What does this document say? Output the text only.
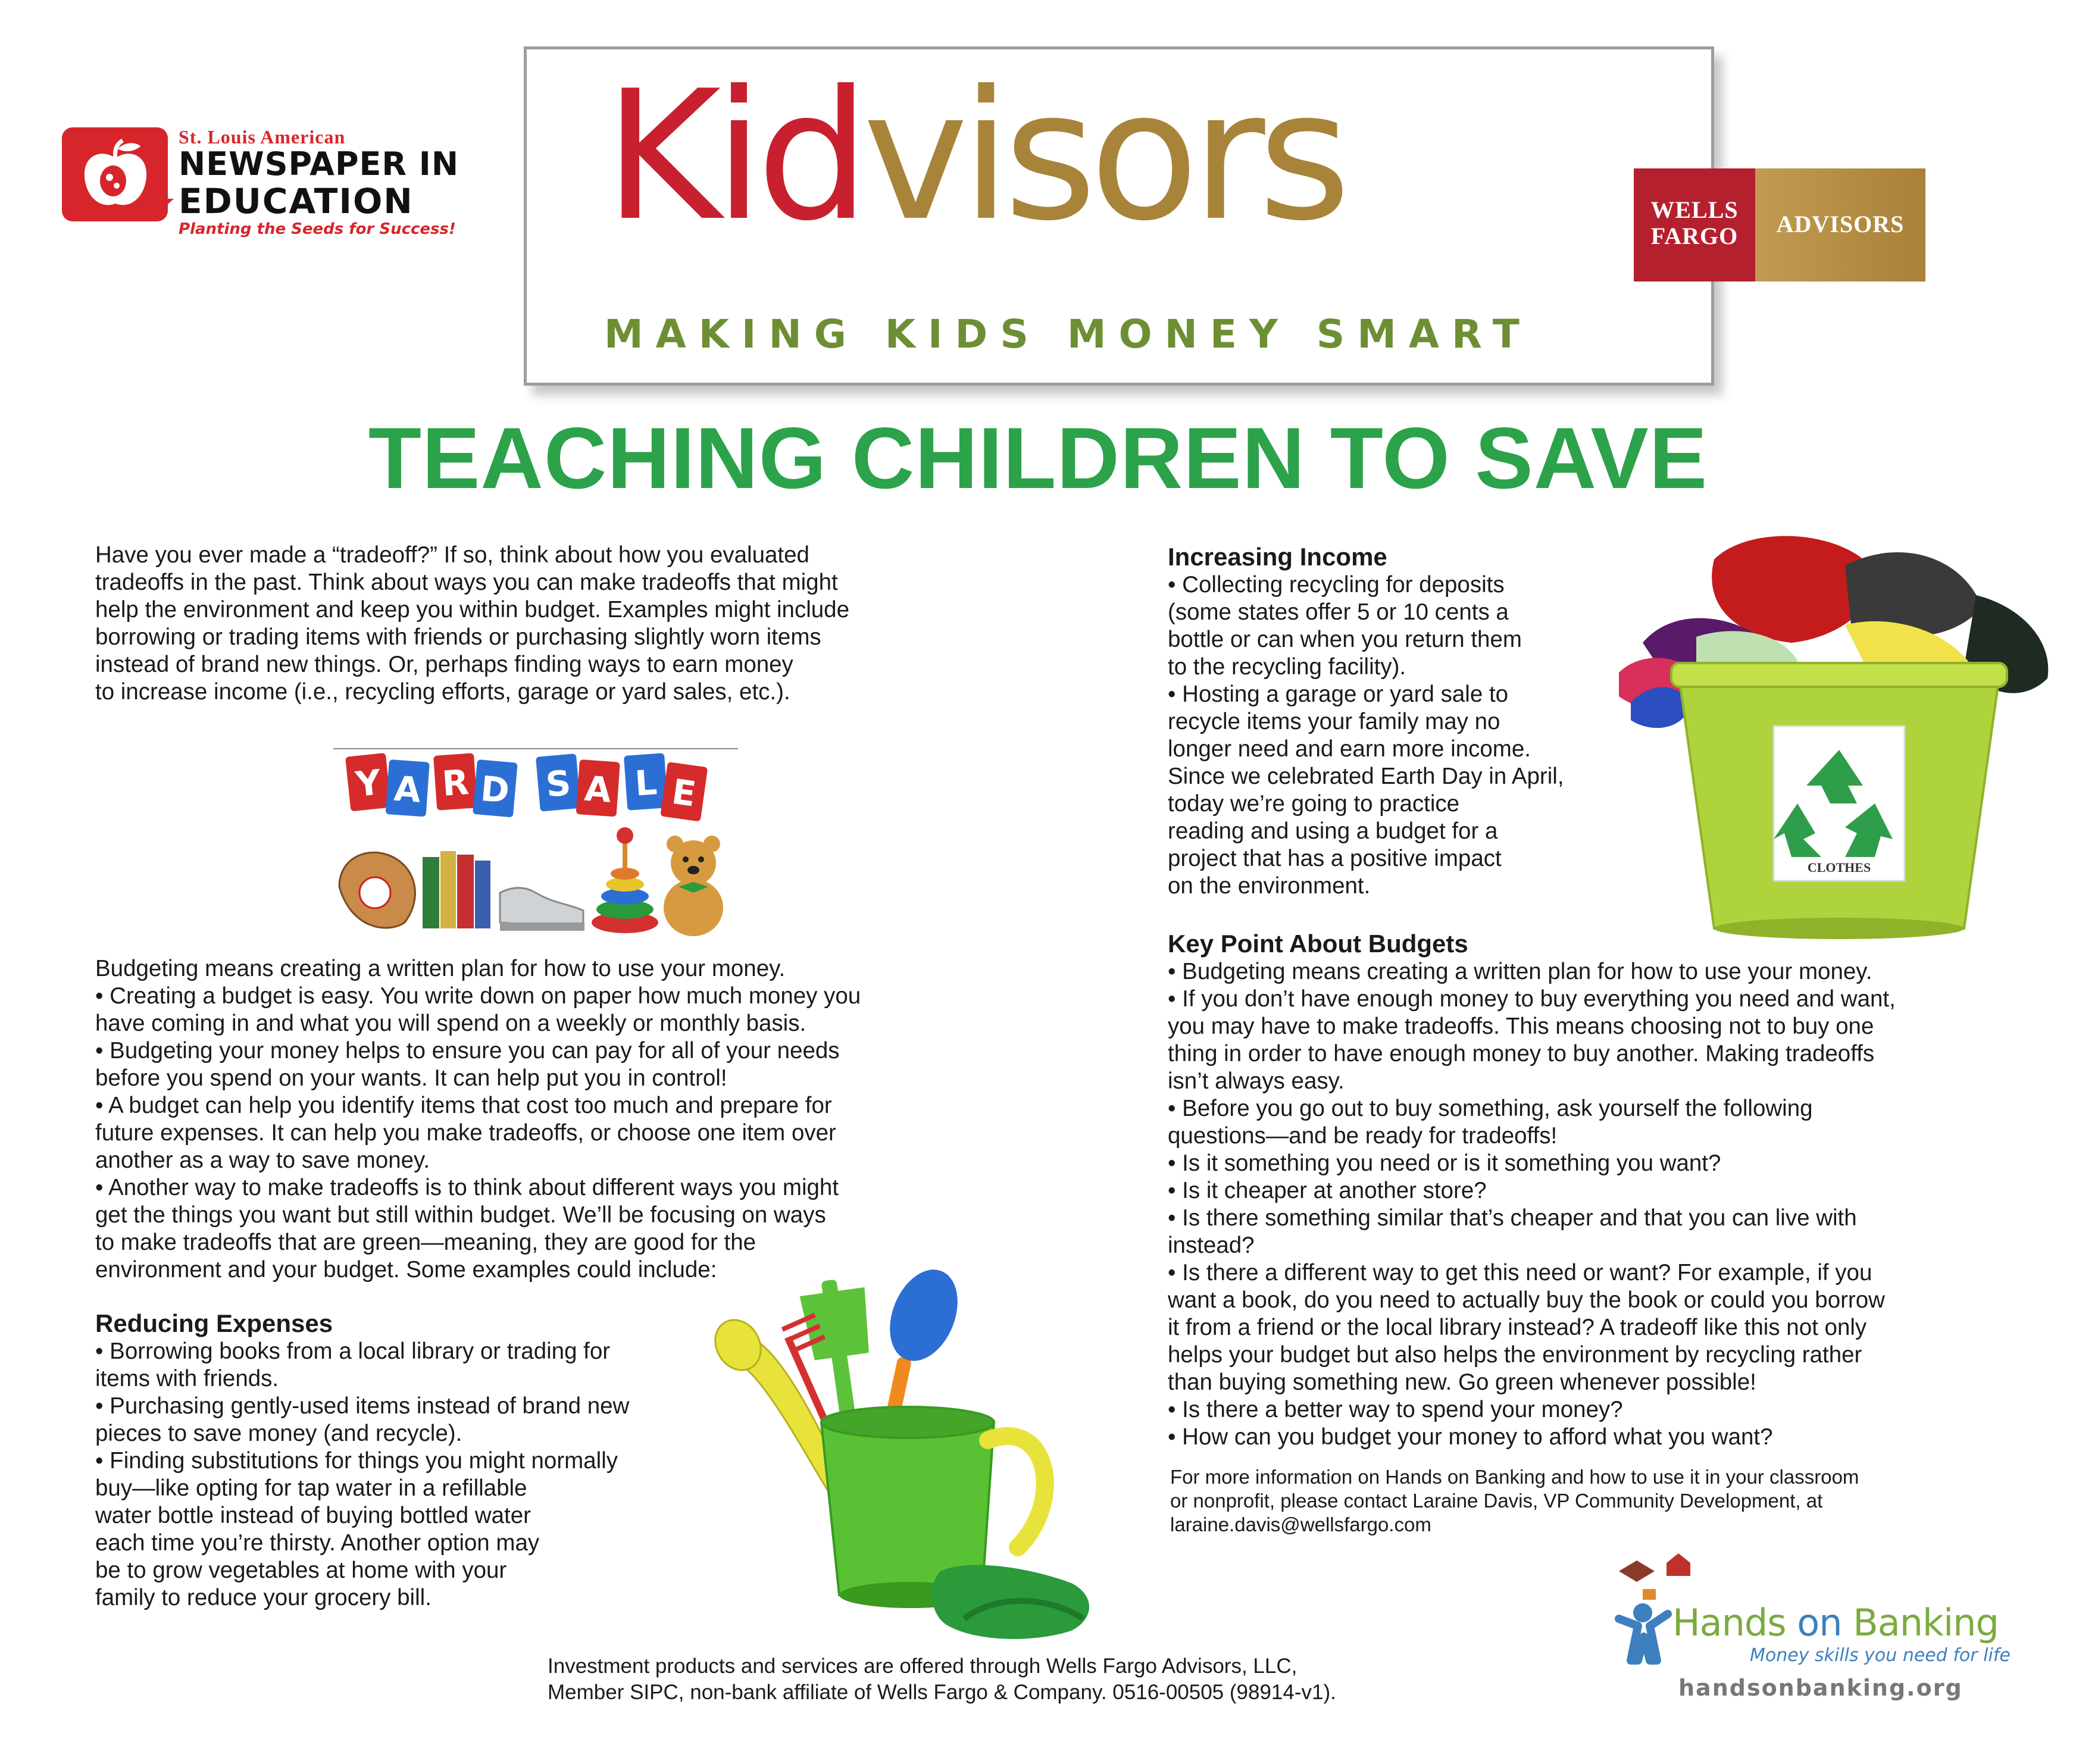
St. Louis American
NEWSPAPER IN
EDUCATION
Planting the Seeds for Success! Kidvisors
MAKING KIDS MONEY SMART
WELLS
FARGO	ADVISORS
TEACHING CHILDREN TO SAVE
Have you ever made a “tradeoff?” If so, think about how you evaluated
tradeoffs in the past. Think about ways you can make tradeoffs that might
help the environment and keep you within budget. Examples might include
borrowing or trading items with friends or purchasing slightly worn items
instead of brand new things. Or, perhaps finding ways to earn money
to increase income (i.e., recycling efforts, garage or yard sales, etc.).
Y A R D S A L E
Budgeting means creating a written plan for how to use your money.
• Creating a budget is easy. You write down on paper how much money you
have coming in and what you will spend on a weekly or monthly basis.
• Budgeting your money helps to ensure you can pay for all of your needs
before you spend on your wants. It can help put you in control!
• A budget can help you identify items that cost too much and prepare for
future expenses. It can help you make tradeoffs, or choose one item over
another as a way to save money.
• Another way to make tradeoffs is to think about different ways you might
get the things you want but still within budget. We’ll be focusing on ways
to make tradeoffs that are green—meaning, they are good for the
environment and your budget. Some examples could include:
Reducing Expenses
• Borrowing books from a local library or trading for
items with friends.
• Purchasing gently-used items instead of brand new
pieces to save money (and recycle).
• Finding substitutions for things you might normally
buy—like opting for tap water in a refillable
water bottle instead of buying bottled water
each time you’re thirsty. Another option may
be to grow vegetables at home with your
family to reduce your grocery bill.
Increasing Income
• Collecting recycling for deposits
(some states offer 5 or 10 cents a
bottle or can when you return them
to the recycling facility).
• Hosting a garage or yard sale to
recycle items your family may no
longer need and earn more income.
Since we celebrated Earth Day in April,
today we’re going to practice
reading and using a budget for a
project that has a positive impact
on the environment.
CLOTHES
Key Point About Budgets
• Budgeting means creating a written plan for how to use your money.
• If you don’t have enough money to buy everything you need and want,
you may have to make tradeoffs. This means choosing not to buy one
thing in order to have enough money to buy another. Making tradeoffs
isn’t always easy.
• Before you go out to buy something, ask yourself the following
questions—and be ready for tradeoffs!
• Is it something you need or is it something you want?
• Is it cheaper at another store?
• Is there something similar that’s cheaper and that you can live with
instead?
• Is there a different way to get this need or want? For example, if you
want a book, do you need to actually buy the book or could you borrow
it from a friend or the local library instead? A tradeoff like this not only
helps your budget but also helps the environment by recycling rather
than buying something new. Go green whenever possible!
• Is there a better way to spend your money?
• How can you budget your money to afford what you want?
For more information on Hands on Banking and how to use it in your classroom
or nonprofit, please contact Laraine Davis, VP Community Development, at
laraine.davis@wellsfargo.com
Hands on Banking
Money skills you need for life
handsonbanking.org
Investment products and services are offered through Wells Fargo Advisors, LLC,
Member SIPC, non-bank affiliate of Wells Fargo & Company. 0516-00505 (98914-v1).
